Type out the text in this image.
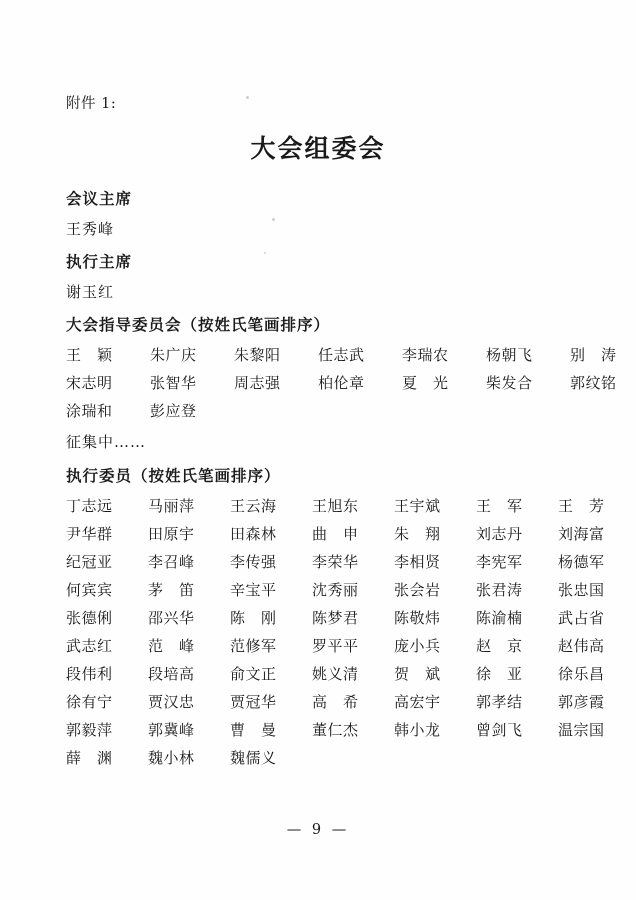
附件 1:

大会组委会
会议主席

王秀峰

执行主席

谢玉红

大会指导委员会（按姓氏笔画排序）
王　颖	朱广庆	朱黎阳	任志武	李瑞农	杨朝飞	别　涛
宋志明	张智华	周志强	柏伦章	夏　光	柴发合	郭纹铭
涂瑞和	彭应登

征集中……

执行委员（按姓氏笔画排序）
丁志远	马丽萍	王云海	王旭东	王宇斌	王　军	王　芳
尹华群	田原宇	田森林	曲　申	朱　翔	刘志丹	刘海富
纪冠亚	李召峰	李传强	李荣华	李相贤	李宪军	杨德军
何宾宾	茅　笛	辛宝平	沈秀丽	张会岩	张君涛	张忠国
张德俐	邵兴华	陈　刚	陈梦君	陈敬炜	陈渝楠	武占省
武志红	范　峰	范修军	罗平平	庞小兵	赵　京	赵伟高
段伟利	段培高	俞文正	姚义清	贺　斌	徐　亚	徐乐昌
徐有宁	贾汉忠	贾冠华	高　希	高宏宇	郭孝结	郭彦霞
郭毅萍	郭冀峰	曹　曼	董仁杰	韩小龙	曾剑飞	温宗国
薛　渊	魏小林	魏儒义
— 9 —
